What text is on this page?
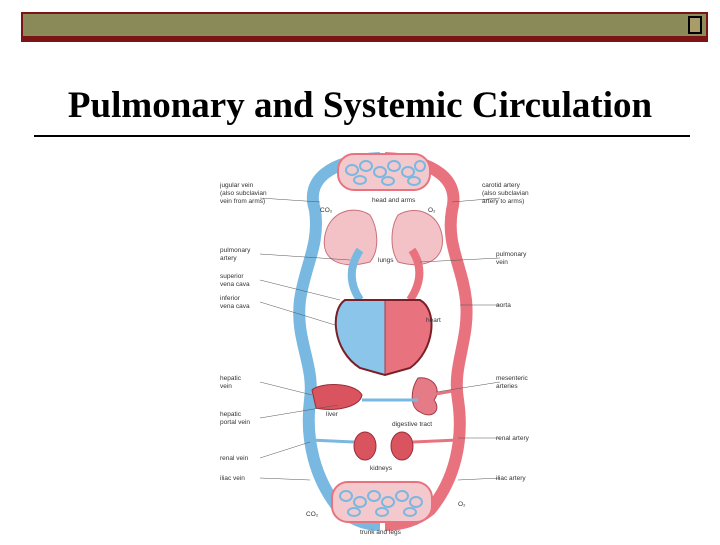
Pulmonary and Systemic Circulation
jugular vein
(also subclavian
vein from arms)
pulmonary
artery
superior
vena cava
inferior
vena cava
hepatic
vein
hepatic
portal vein
renal vein
iliac vein
carotid artery
(also subclavian
artery to arms)
pulmonary
vein
aorta
mesenteric
arteries
renal artery
iliac artery
head and arms
CO₂	O₂
lungs
heart
liver
digestive tract
kidneys
CO₂
O₂
trunk and legs
